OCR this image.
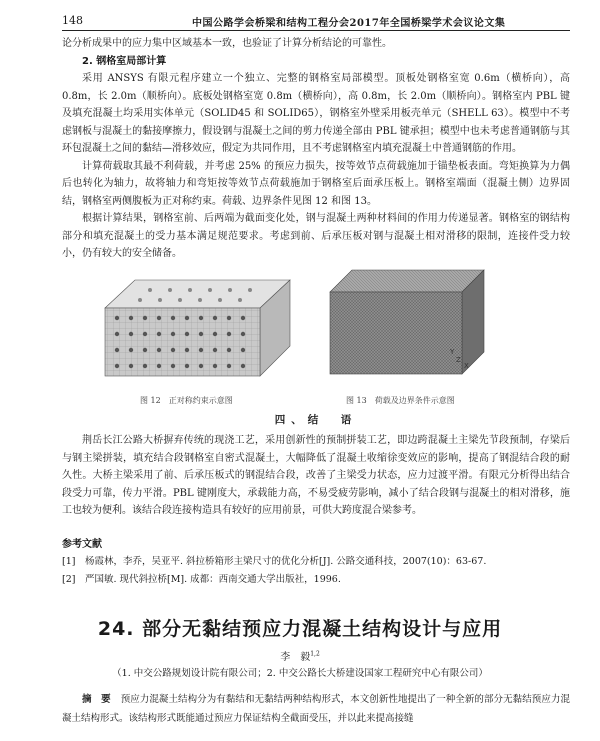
148	中国公路学会桥梁和结构工程分会2017年全国桥梁学术会议论文集

论分析成果中的应力集中区域基本一致，也验证了计算分析结论的可靠性。

2. 钢格室局部计算

采用 ANSYS 有限元程序建立一个独立、完整的钢格室局部模型。顶板处钢格室宽 0.6m（横桥向），高 0.8m，长 2.0m（顺桥向）。底板处钢格室宽 0.8m（横桥向），高 0.8m，长 2.0m（顺桥向）。钢格室内 PBL 键及填充混凝土均采用实体单元（SOLID45 和 SOLID65），钢格室外壁采用板壳单元（SHELL 63）。模型中不考虑钢板与混凝土的黏接摩擦力，假设钢与混凝土之间的剪力传递全部由 PBL 键承担；模型中也未考虑普通钢筋与其环包混凝土之间的黏结—滑移效应，假定为共同作用，且不考虑钢格室内填充混凝土中普通钢筋的作用。

计算荷载取其最不利荷载，并考虑 25% 的预应力损失，按等效节点荷载施加于锚垫板表面。弯矩换算为力偶后也转化为轴力，故将轴力和弯矩按等效节点荷载施加于钢格室后面承压板上。钢格室端面（混凝土侧）边界固结，钢格室两侧腹板为正对称约束。荷载、边界条件见图 12 和图 13。

根据计算结果，钢格室前、后两端为截面变化处，钢与混凝土两种材料间的作用力传递显著。钢格室的钢结构部分和填充混凝土的受力基本满足规范要求。考虑到前、后承压板对钢与混凝土相对滑移的限制，连接件受力较小，仍有较大的安全储备。

图 12　正对称约束示意图
Y
Z
X
图 13　荷载及边界条件示意图
四、结　语

荆岳长江公路大桥摒弃传统的现浇工艺，采用创新性的预制拼装工艺，即边跨混凝土主梁先节段预制，存梁后与钢主梁拼装，填充结合段钢格室自密式混凝土，大幅降低了混凝土收缩徐变效应的影响，提高了钢混结合段的耐久性。大桥主梁采用了前、后承压板式的钢混结合段，改善了主梁受力状态，应力过渡平滑。有限元分析得出结合段受力可靠，传力平滑。PBL 键刚度大，承载能力高，不易受疲劳影响，减小了结合段钢与混凝土的相对滑移，施工也较为便利。该结合段连接构造具有较好的应用前景，可供大跨度混合梁参考。

参考文献
[1]　杨霞林，李乔，吴亚平. 斜拉桥箱形主梁尺寸的优化分析[J]. 公路交通科技，2007(10)：63-67.
[2]　严国敏. 现代斜拉桥[M]. 成都：西南交通大学出版社，1996.
24. 部分无黏结预应力混凝土结构设计与应用
李　毅$^{1,2}$
（1. 中交公路规划设计院有限公司；2. 中交公路长大桥建设国家工程研究中心有限公司）
摘　要 预应力混凝土结构分为有黏结和无黏结两种结构形式，本文创新性地提出了一种全新的部分无黏结预应力混凝土结构形式。该结构形式既能通过预应力保证结构全截面受压，并以此来提高接缝
